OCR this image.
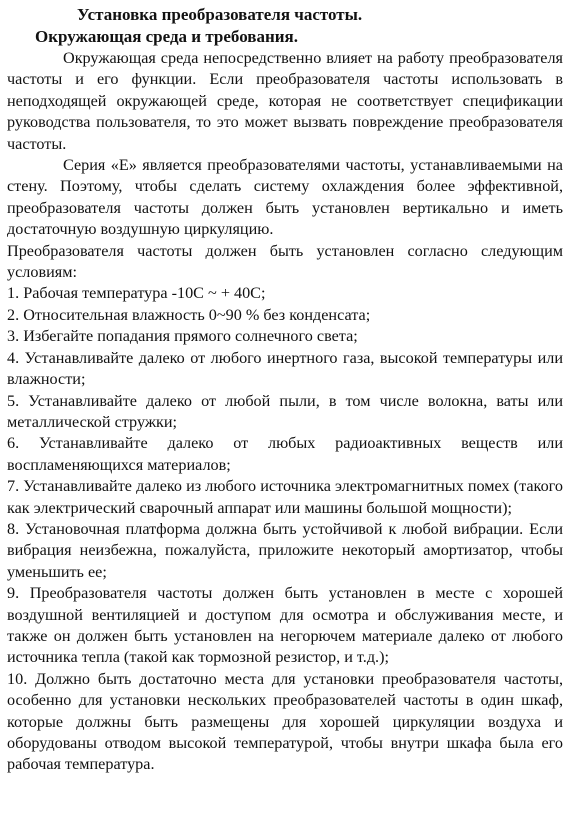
Установка преобразователя частоты.
Окружающая среда и требования.

Окружающая среда непосредственно влияет на работу преобразователя частоты и его функции. Если преобразователя частоты использовать в неподходящей окружающей среде, которая не соответствует спецификации руководства пользователя, то это может вызвать повреждение преобразователя частоты.

Серия «E» является преобразователями частоты, устанавливаемыми на стену. Поэтому, чтобы сделать систему охлаждения более эффективной, преобразователя частоты должен быть установлен вертикально и иметь достаточную воздушную циркуляцию.

Преобразователя частоты должен быть установлен согласно следующим условиям:

1. Рабочая температура -10C ~ + 40C;
2. Относительная влажность 0~90 % без конденсата;
3. Избегайте попадания прямого солнечного света;
4. Устанавливайте далеко от любого инертного газа, высокой температуры или влажности;
5. Устанавливайте далеко от любой пыли, в том числе волокна, ваты или металлической стружки;
6. Устанавливайте далеко от любых радиоактивных веществ или воспламеняющихся материалов;
7. Устанавливайте далеко из любого источника электромагнитных помех (такого как электрический сварочный аппарат или машины большой мощности);
8. Установочная платформа должна быть устойчивой к любой вибрации. Если вибрация неизбежна, пожалуйста, приложите некоторый амортизатор, чтобы уменьшить ее;
9. Преобразователя частоты должен быть установлен в месте с хорошей воздушной вентиляцией и доступом для осмотра и обслуживания месте, и также он должен быть установлен на негорючем материале далеко от любого источника тепла (такой как тормозной резистор, и т.д.);
10. Должно быть достаточно места для установки преобразователя частоты, особенно для установки нескольких преобразователей частоты в один шкаф, которые должны быть размещены для хорошей циркуляции воздуха и оборудованы отводом высокой температурой, чтобы внутри шкафа была его рабочая температура.
